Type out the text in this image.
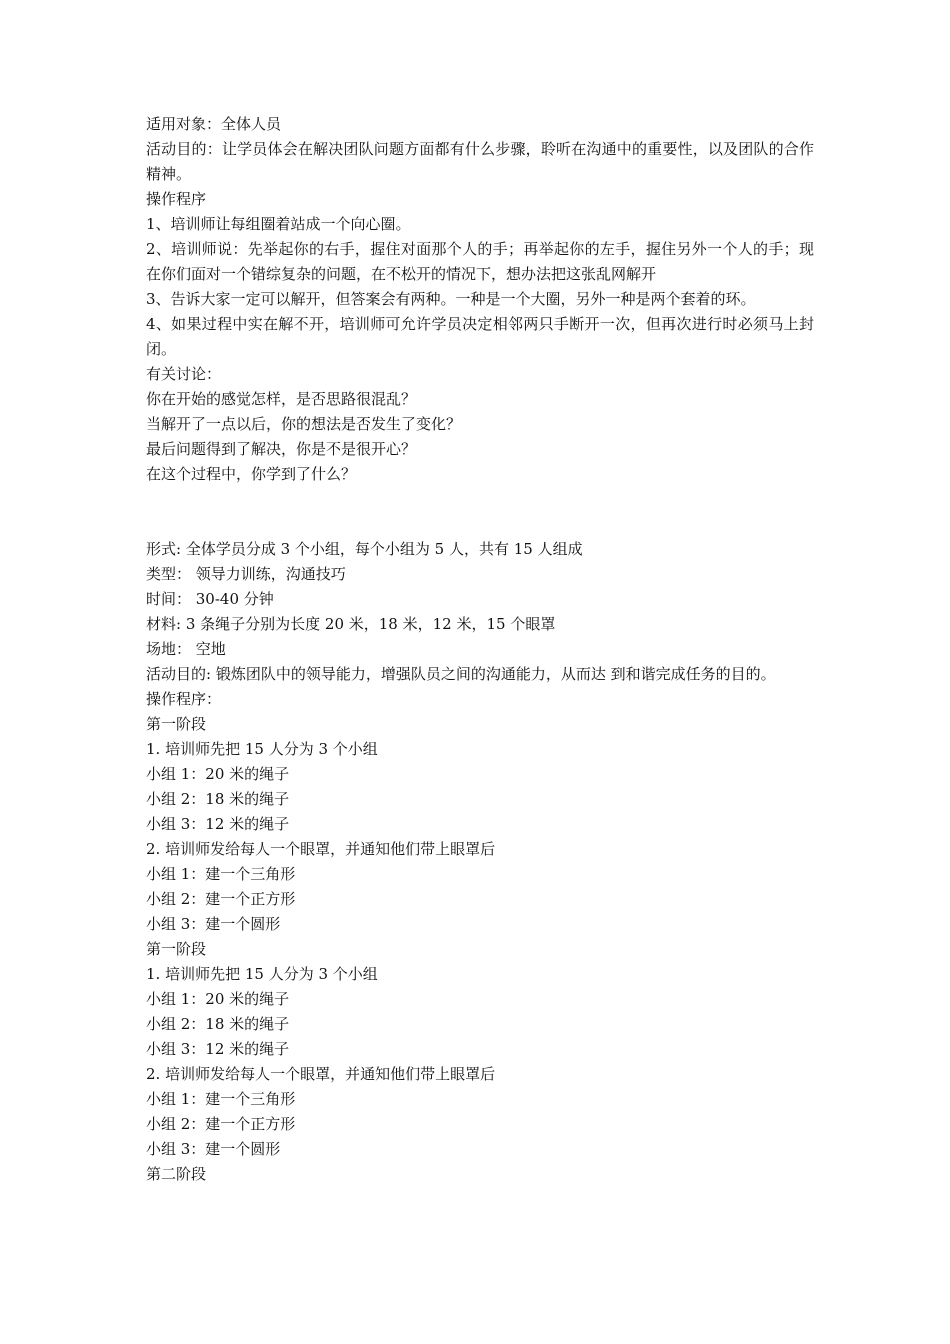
适用对象：全体人员

活动目的：让学员体会在解决团队问题方面都有什么步骤，聆听在沟通中的重要性，以及团队的合作精神。

操作程序

1、培训师让每组圈着站成一个向心圈。

2、培训师说：先举起你的右手，握住对面那个人的手；再举起你的左手，握住另外一个人的手；现在你们面对一个错综复杂的问题，在不松开的情况下，想办法把这张乱网解开

3、告诉大家一定可以解开，但答案会有两种。一种是一个大圈，另外一种是两个套着的环。

4、如果过程中实在解不开，培训师可允许学员决定相邻两只手断开一次，但再次进行时必须马上封闭。

有关讨论：

你在开始的感觉怎样，是否思路很混乱？

当解开了一点以后，你的想法是否发生了变化？

最后问题得到了解决，你是不是很开心？

在这个过程中，你学到了什么？

形式: 全体学员分成 3 个小组，每个小组为 5 人，共有 15 人组成

类型： 领导力训练，沟通技巧

时间： 30-40 分钟

材料: 3 条绳子分别为长度 20 米，18 米，12 米，15 个眼罩

场地： 空地

活动目的: 锻炼团队中的领导能力，增强队员之间的沟通能力，从而达 到和谐完成任务的目的。

操作程序：

第一阶段

1. 培训师先把 15 人分为 3 个小组

小组 1：20 米的绳子

小组 2：18 米的绳子

小组 3：12 米的绳子

2. 培训师发给每人一个眼罩，并通知他们带上眼罩后

小组 1：建一个三角形

小组 2：建一个正方形

小组 3：建一个圆形

第一阶段

1. 培训师先把 15 人分为 3 个小组

小组 1：20 米的绳子

小组 2：18 米的绳子

小组 3：12 米的绳子

2. 培训师发给每人一个眼罩，并通知他们带上眼罩后

小组 1：建一个三角形

小组 2：建一个正方形

小组 3：建一个圆形

第二阶段
